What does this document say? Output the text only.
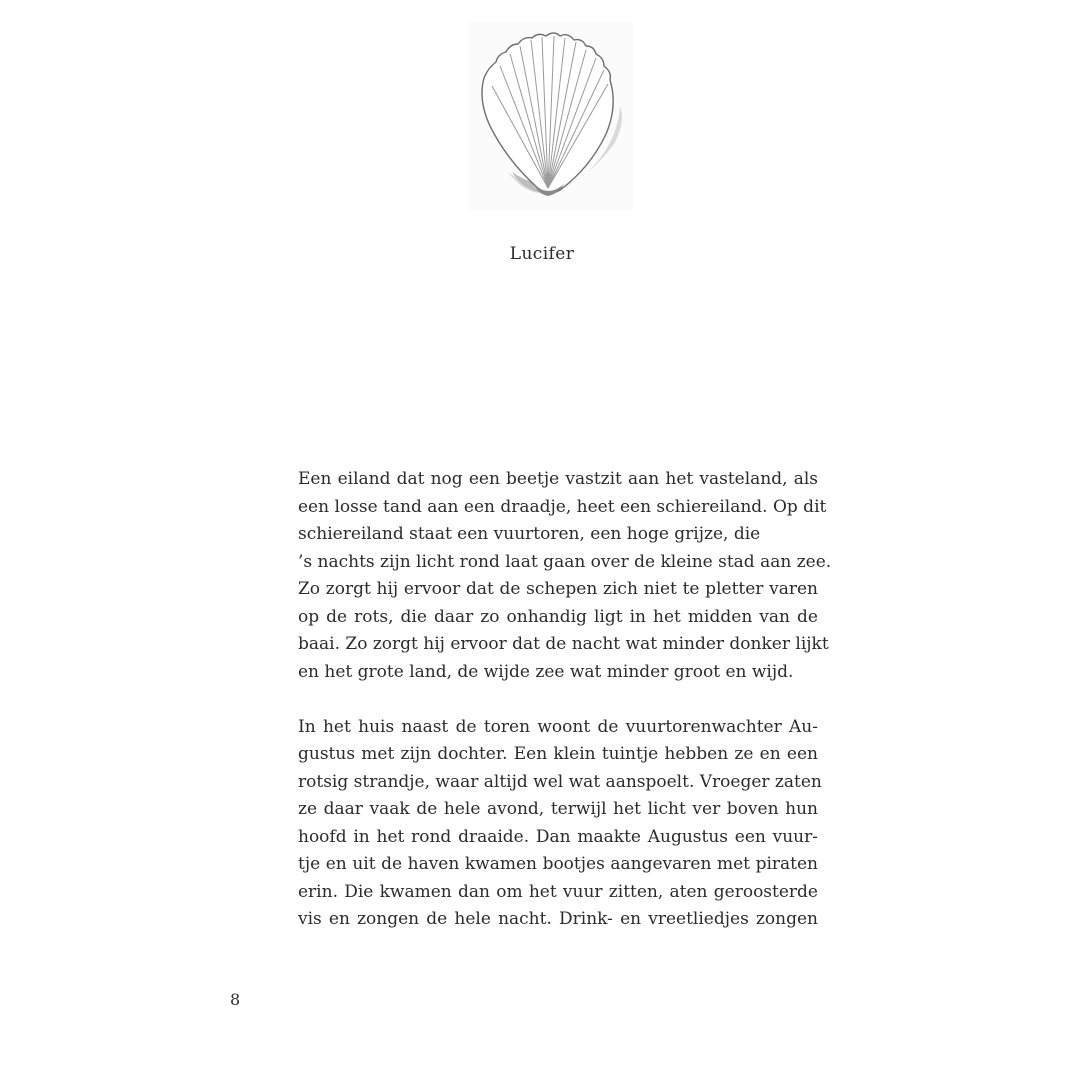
Lucifer
Een eiland dat nog een beetje vastzit aan het vasteland, als
een losse tand aan een draadje, heet een schiereiland. Op dit
schiereiland staat een vuurtoren, een hoge grijze, die
’s nachts zijn licht rond laat gaan over de kleine stad aan zee.
Zo zorgt hij ervoor dat de schepen zich niet te pletter varen
op de rots, die daar zo onhandig ligt in het midden van de
baai. Zo zorgt hij ervoor dat de nacht wat minder donker lijkt
en het grote land, de wijde zee wat minder groot en wijd.
In het huis naast de toren woont de vuurtorenwachter Au-
gustus met zijn dochter. Een klein tuintje hebben ze en een
rotsig strandje, waar altijd wel wat aanspoelt. Vroeger zaten
ze daar vaak de hele avond, terwijl het licht ver boven hun
hoofd in het rond draaide. Dan maakte Augustus een vuur-
tje en uit de haven kwamen bootjes aangevaren met piraten
erin. Die kwamen dan om het vuur zitten, aten geroosterde
vis en zongen de hele nacht. Drink- en vreetliedjes zongen
8
